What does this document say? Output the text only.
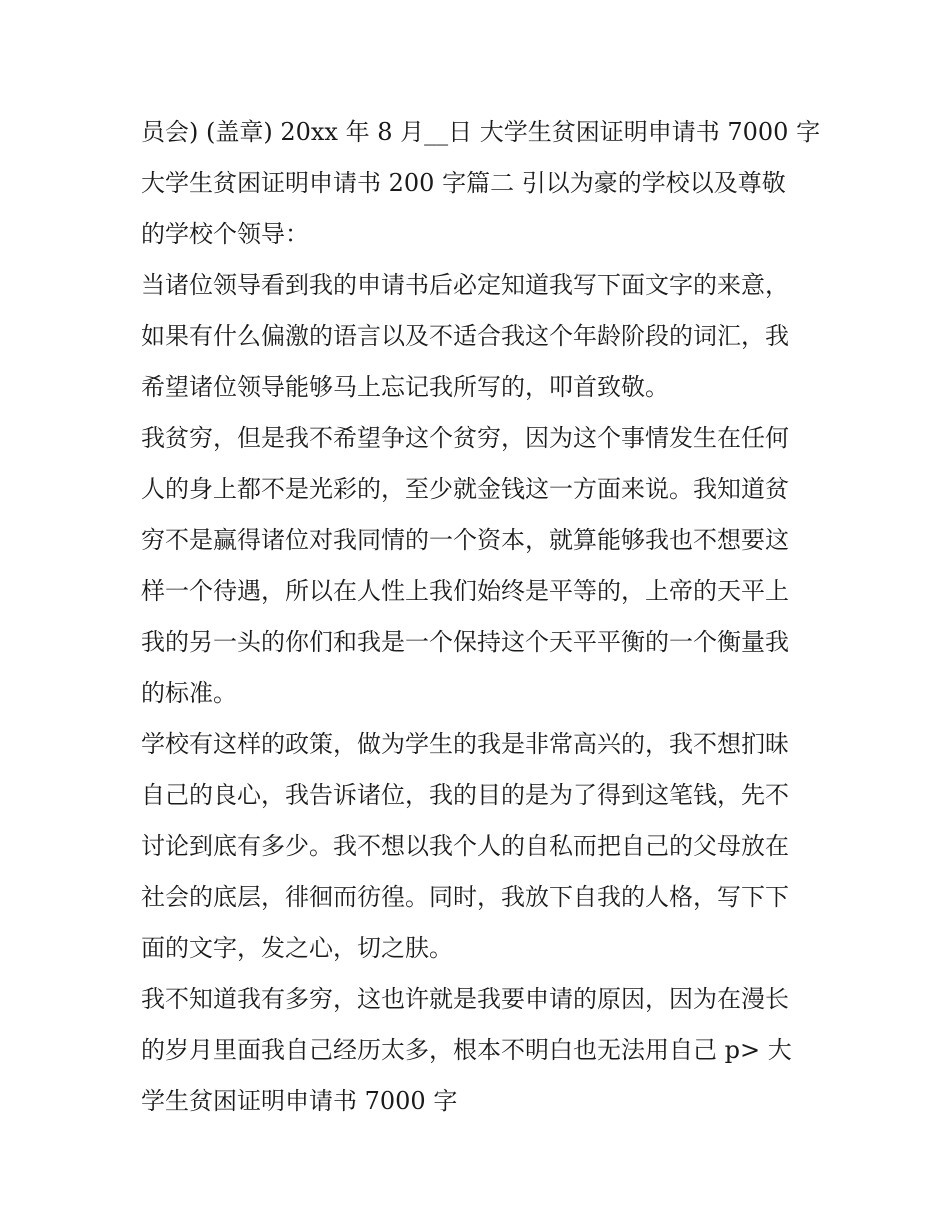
员会) (盖章) 20xx 年 8 月__日 大学生贫困证明申请书 7000 字
大学生贫困证明申请书 200 字篇二 引以为豪的学校以及尊敬
的学校个领导：
当诸位领导看到我的申请书后必定知道我写下面文字的来意，
如果有什么偏激的语言以及不适合我这个年龄阶段的词汇，我
希望诸位领导能够马上忘记我所写的，叩首致敬。
我贫穷，但是我不希望争这个贫穷，因为这个事情发生在任何
人的身上都不是光彩的，至少就金钱这一方面来说。我知道贫
穷不是赢得诸位对我同情的一个资本，就算能够我也不想要这
样一个待遇，所以在人性上我们始终是平等的，上帝的天平上
我的另一头的你们和我是一个保持这个天平平衡的一个衡量我
的标准。
学校有这样的政策，做为学生的我是非常高兴的，我不想扪昧
自己的良心，我告诉诸位，我的目的是为了得到这笔钱，先不
讨论到底有多少。我不想以我个人的自私而把自己的父母放在
社会的底层，徘徊而彷徨。同时，我放下自我的人格，写下下
面的文字，发之心，切之肤。
我不知道我有多穷，这也许就是我要申请的原因，因为在漫长
的岁月里面我自己经历太多，根本不明白也无法用自己 p> 大
学生贫困证明申请书 7000 字
